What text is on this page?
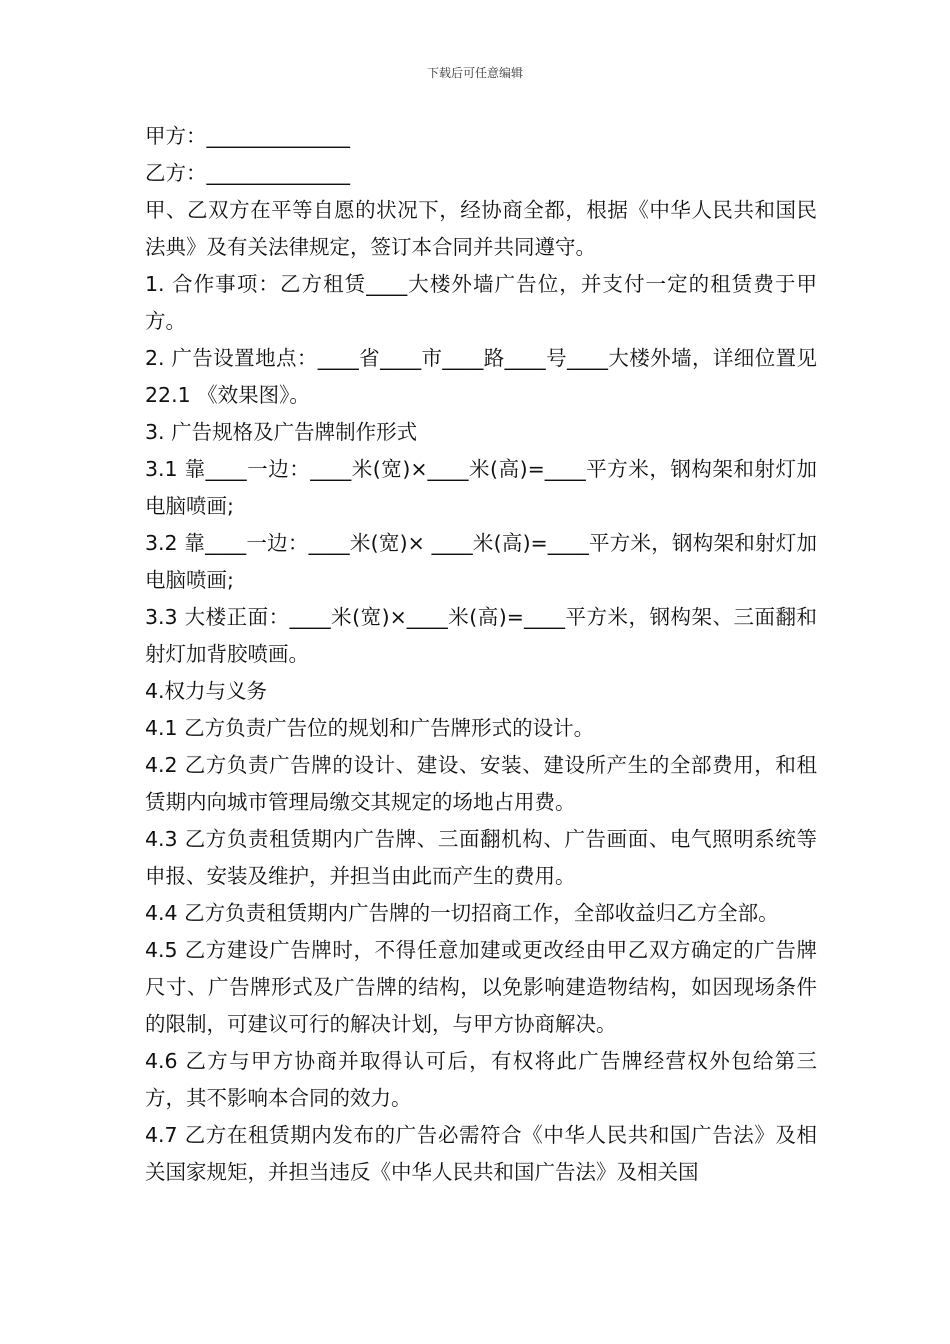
下载后可任意编辑

甲方：______________

乙方：______________

甲、乙双方在平等自愿的状况下，经协商全都，根据《中华人民共和国民法典》及有关法律规定，签订本合同并共同遵守。

1. 合作事项：乙方租赁____大楼外墙广告位，并支付一定的租赁费于甲方。

2. 广告设置地点：____省____市____路____号____大楼外墙，详细位置见 22.1 《效果图》。

3. 广告规格及广告牌制作形式

3.1 靠____一边：____米(宽)×____米(高)=____平方米，钢构架和射灯加电脑喷画;

3.2 靠____一边：____米(宽)× ____米(高)=____平方米，钢构架和射灯加电脑喷画;

3.3 大楼正面：____米(宽)×____米(高)=____平方米，钢构架、三面翻和射灯加背胶喷画。

4.权力与义务

4.1 乙方负责广告位的规划和广告牌形式的设计。

4.2 乙方负责广告牌的设计、建设、安装、建设所产生的全部费用，和租赁期内向城市管理局缴交其规定的场地占用费。

4.3 乙方负责租赁期内广告牌、三面翻机构、广告画面、电气照明系统等申报、安装及维护，并担当由此而产生的费用。

4.4 乙方负责租赁期内广告牌的一切招商工作，全部收益归乙方全部。

4.5 乙方建设广告牌时，不得任意加建或更改经由甲乙双方确定的广告牌尺寸、广告牌形式及广告牌的结构，以免影响建造物结构，如因现场条件的限制，可建议可行的解决计划，与甲方协商解决。

4.6 乙方与甲方协商并取得认可后，有权将此广告牌经营权外包给第三方，其不影响本合同的效力。

4.7 乙方在租赁期内发布的广告必需符合《中华人民共和国广告法》及相关国家规矩，并担当违反《中华人民共和国广告法》及相关国
